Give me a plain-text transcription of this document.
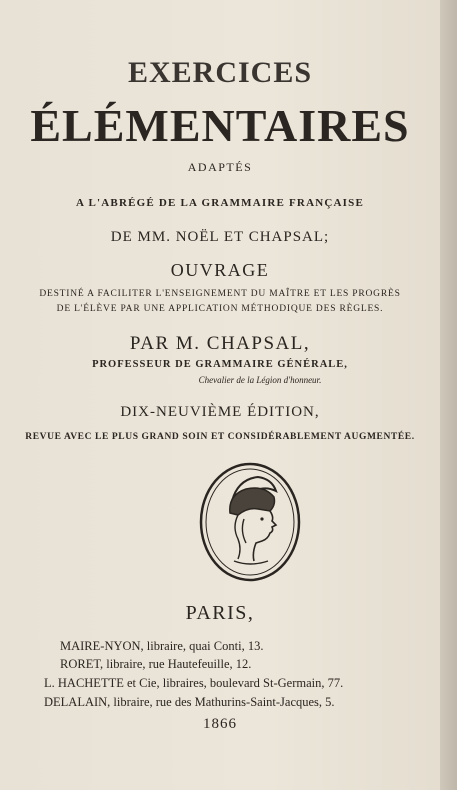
EXERCICES
ÉLÉMENTAIRES
ADAPTÉS
A L'ABRÉGÉ DE LA GRAMMAIRE FRANÇAISE
DE MM. NOËL ET CHAPSAL;
OUVRAGE
DESTINÉ A FACILITER L'ENSEIGNEMENT DU MAÎTRE ET LES PROGRÈS
DE L'ÉLÈVE PAR UNE APPLICATION MÉTHODIQUE DES RÈGLES.
PAR M. CHAPSAL,
PROFESSEUR DE GRAMMAIRE GÉNÉRALE,
Chevalier de la Légion d'honneur.
DIX-NEUVIÈME ÉDITION,
REVUE AVEC LE PLUS GRAND SOIN ET CONSIDÉRABLEMENT AUGMENTÉE.
PARIS,
MAIRE-NYON, libraire, quai Conti, 13.
RORET, libraire, rue Hautefeuille, 12.
L. HACHETTE et Cie, libraires, boulevard St-Germain, 77.
DELALAIN, libraire, rue des Mathurins-Saint-Jacques, 5.
1866
